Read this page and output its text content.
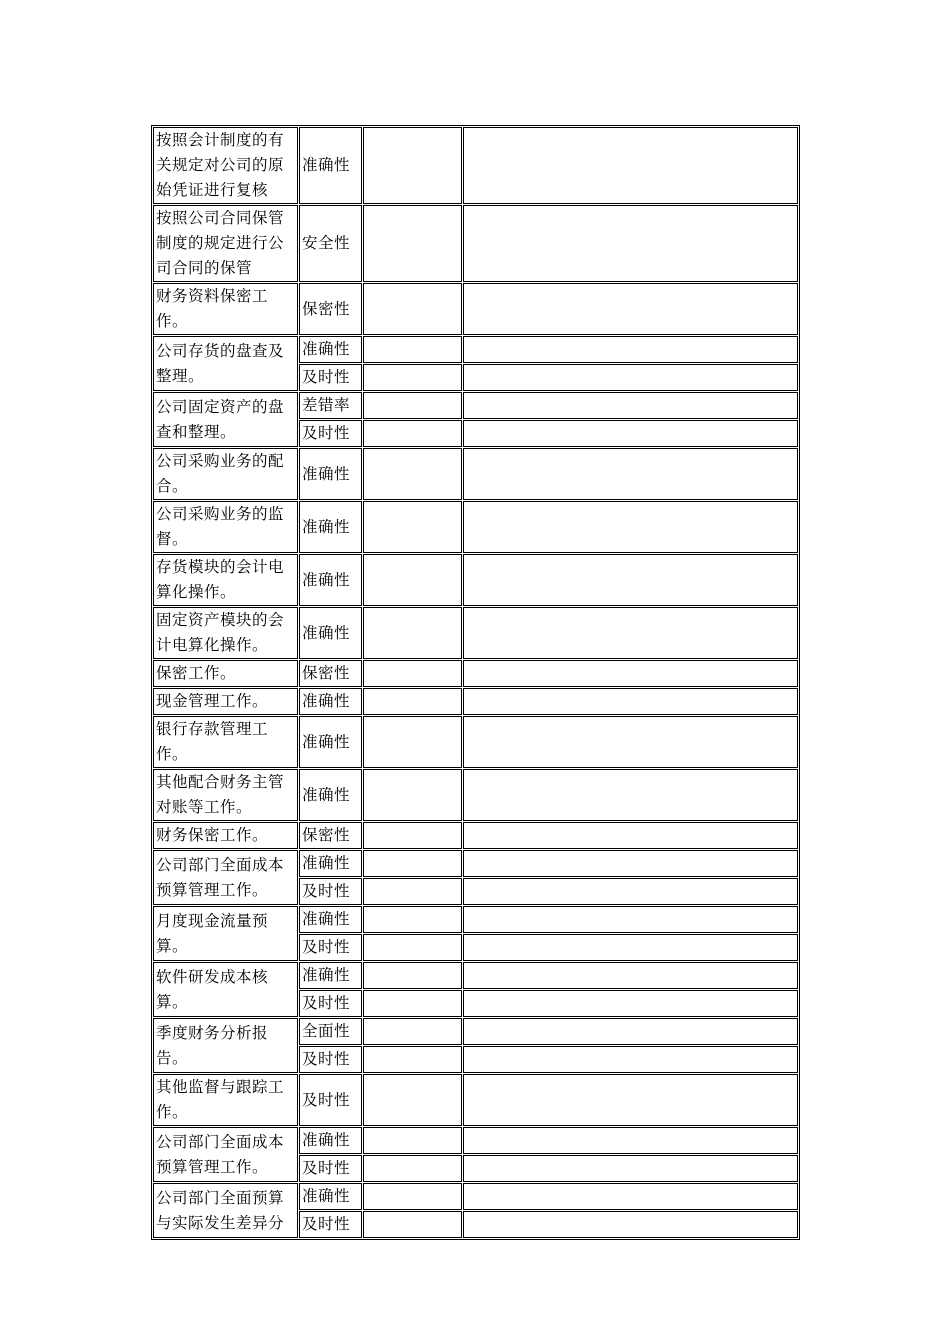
按照会计制度的有关规定对公司的原始凭证进行复核	准确性		
按照公司合同保管制度的规定进行公司合同的保管	安全性		
财务资料保密工作。	保密性		
公司存货的盘查及整理。	准确性		
	及时性		
公司固定资产的盘查和整理。	差错率		
	及时性		
公司采购业务的配合。	准确性		
公司采购业务的监督。	准确性		
存货模块的会计电算化操作。	准确性		
固定资产模块的会计电算化操作。	准确性		
保密工作。	保密性		
现金管理工作。	准确性		
银行存款管理工作。	准确性		
其他配合财务主管对账等工作。	准确性		
财务保密工作。	保密性		
公司部门全面成本预算管理工作。	准确性		
	及时性		
月度现金流量预算。	准确性		
	及时性		
软件研发成本核算。	准确性		
	及时性		
季度财务分析报告。	全面性		
	及时性		
其他监督与跟踪工作。	及时性		
公司部门全面成本预算管理工作。	准确性		
	及时性		
公司部门全面预算与实际发生差异分	准确性		
	及时性		
